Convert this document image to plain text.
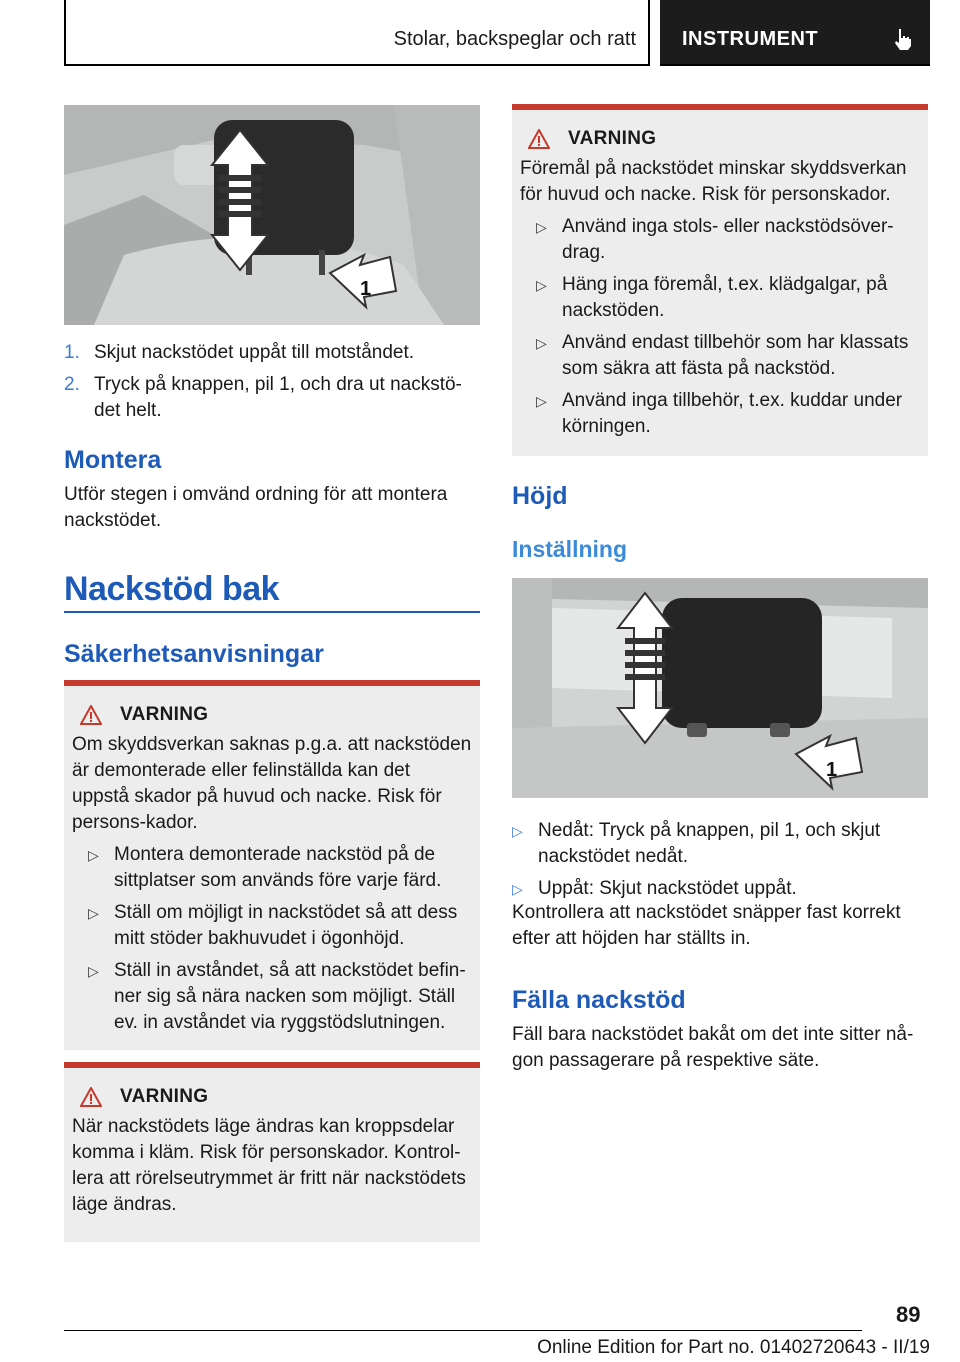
Stolar, backspeglar och ratt INSTRUMENT
1
1. Skjut nackstödet uppåt till motståndet.
2. Tryck på knappen, pil 1, och dra ut nackstö-det helt.
Montera

Utför stegen i omvänd ordning för att montera nackstödet.

Nackstöd bak
Säkerhetsanvisningar
VARNING

Om skyddsverkan saknas p.g.a. att nackstöden är demonterade eller felinställda kan det uppstå skador på huvud och nacke. Risk för persons-kador.

▷ Montera demonterade nackstöd på de sittplatser som används före varje färd.
▷ Ställ om möjligt in nackstödet så att dess mitt stöder bakhuvudet i ögonhöjd.
▷ Ställ in avståndet, så att nackstödet befin-ner sig så nära nacken som möjligt. Ställ ev. in avståndet via ryggstödslutningen.
VARNING

När nackstödets läge ändras kan kroppsdelar komma i kläm. Risk för personskador. Kontrol-lera att rörelseutrymmet är fritt när nackstödets läge ändras.

VARNING

Föremål på nackstödet minskar skyddsverkan för huvud och nacke. Risk för personskador.

▷ Använd inga stols- eller nackstödsöver-drag.
▷ Häng inga föremål, t.ex. klädgalgar, på nackstöden.
▷ Använd endast tillbehör som har klassats som säkra att fästa på nackstöd.
▷ Använd inga tillbehör, t.ex. kuddar under körningen.
Höjd
Inställning
1
▷ Nedåt: Tryck på knappen, pil 1, och skjut nackstödet nedåt.
▷ Uppåt: Skjut nackstödet uppåt.

Kontrollera att nackstödet snäpper fast korrekt efter att höjden har ställts in.

Fälla nackstöd

Fäll bara nackstödet bakåt om det inte sitter nå-gon passagerare på respektive säte.

89
Online Edition for Part no. 01402720643 - II/19
